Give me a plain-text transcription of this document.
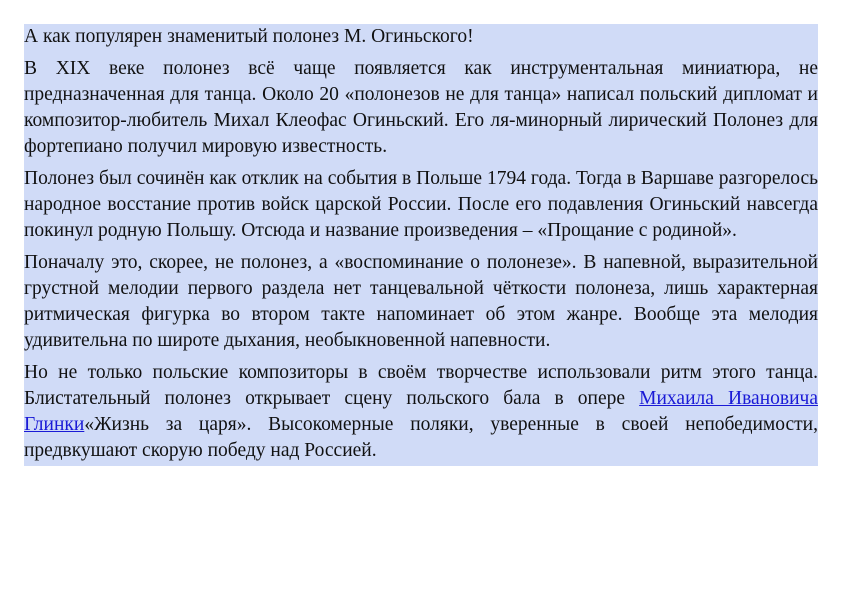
А как популярен знаменитый полонез М. Огиньского!

В XIX веке полонез всё чаще появляется как инструментальная миниатюра, не предназначенная для танца. Около 20 «полонезов не для танца» написал польский дипломат и композитор-любитель Михал Клеофас Огиньский. Его ля-минорный лирический Полонез для фортепиано получил мировую известность.

Полонез был сочинён как отклик на события в Польше 1794 года. Тогда в Варшаве разгорелось народное восстание против войск царской России. После его подавления Огиньский навсегда покинул родную Польшу. Отсюда и название произведения – «Прощание с родиной».

Поначалу это, скорее, не полонез, а «воспоминание о полонезе». В напевной, выразительной грустной мелодии первого раздела нет танцевальной чёткости полонеза, лишь характерная ритмическая фигурка во втором такте напоминает об этом жанре. Вообще эта мелодия удивительна по широте дыхания, необыкновенной напевности.

Но не только польские композиторы в своём творчестве использовали ритм этого танца. Блистательный полонез открывает сцену польского бала в опере Михаила Ивановича Глинки«Жизнь за царя». Высокомерные поляки, уверенные в своей непобедимости, предвкушают скорую победу над Россией.
